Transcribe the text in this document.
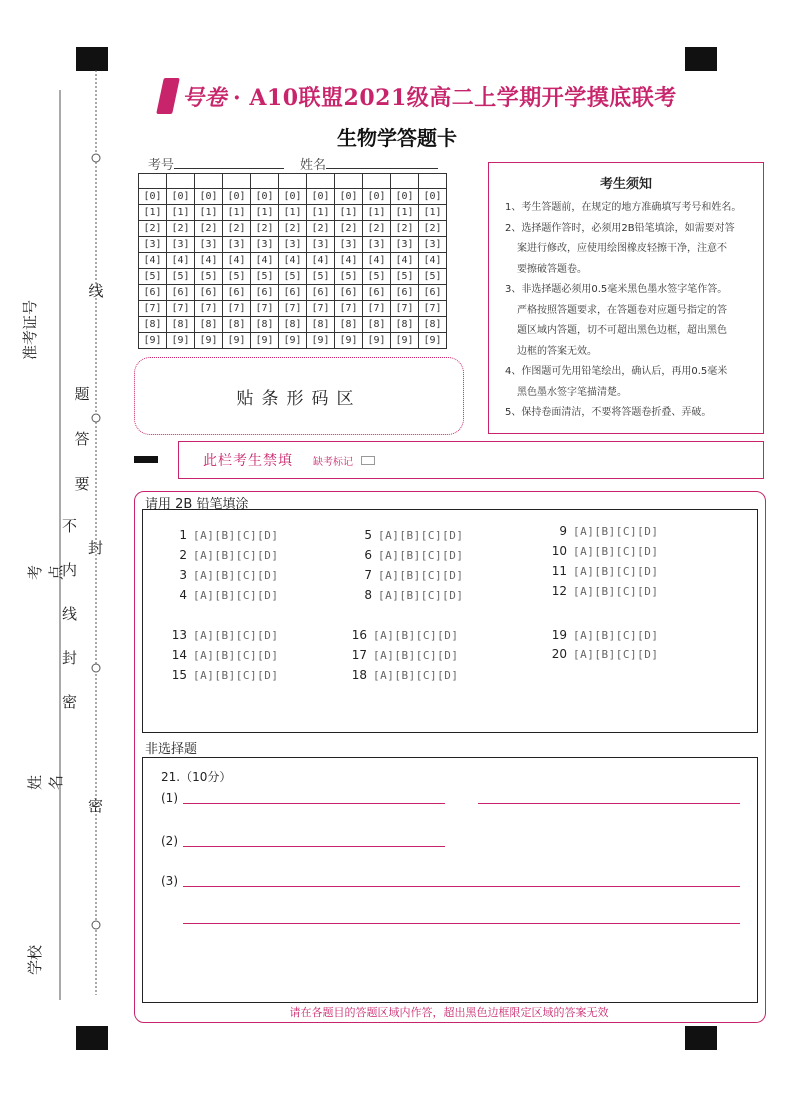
准考证号
考点
姓名
学校
线
题
答
要
不
内
线
封
密
封
密
号卷 · A10联盟2021级高二上学期开学摸底联考
生物学答题卡
考号	姓名

[0]	[0]	[0]	[0]	[0]	[0]	[0]	[0]	[0]	[0]	[0]
[1]	[1]	[1]	[1]	[1]	[1]	[1]	[1]	[1]	[1]	[1]
[2]	[2]	[2]	[2]	[2]	[2]	[2]	[2]	[2]	[2]	[2]
[3]	[3]	[3]	[3]	[3]	[3]	[3]	[3]	[3]	[3]	[3]
[4]	[4]	[4]	[4]	[4]	[4]	[4]	[4]	[4]	[4]	[4]
[5]	[5]	[5]	[5]	[5]	[5]	[5]	[5]	[5]	[5]	[5]
[6]	[6]	[6]	[6]	[6]	[6]	[6]	[6]	[6]	[6]	[6]
[7]	[7]	[7]	[7]	[7]	[7]	[7]	[7]	[7]	[7]	[7]
[8]	[8]	[8]	[8]	[8]	[8]	[8]	[8]	[8]	[8]	[8]
[9]	[9]	[9]	[9]	[9]	[9]	[9]	[9]	[9]	[9]	[9]
贴条形码区
考生须知
1、考生答题前，在规定的地方准确填写考号和姓名。
2、选择题作答时，必须用2B铅笔填涂，如需要对答
案进行修改，应使用绘图橡皮轻擦干净，注意不
要擦破答题卷。
3、非选择题必须用0.5毫米黑色墨水签字笔作答。
严格按照答题要求，在答题卷对应题号指定的答
题区域内答题，切不可超出黑色边框，超出黑色
边框的答案无效。
4、作图题可先用铅笔绘出，确认后，再用0.5毫米
黑色墨水签字笔描清楚。
5、保持卷面清洁，不要将答题卷折叠、弄破。
此栏考生禁填 缺考标记
请用 2B 铅笔填涂
1 [A][B][C][D]
2 [A][B][C][D]
3 [A][B][C][D]
4 [A][B][C][D]
5 [A][B][C][D]
6 [A][B][C][D]
7 [A][B][C][D]
8 [A][B][C][D]
9 [A][B][C][D]
10 [A][B][C][D]
11 [A][B][C][D]
12 [A][B][C][D]
13 [A][B][C][D]
14 [A][B][C][D]
15 [A][B][C][D]
16 [A][B][C][D]
17 [A][B][C][D]
18 [A][B][C][D]
19 [A][B][C][D]
20 [A][B][C][D]
非选择题
21.（10分）
(1)
(2)
(3)
请在各题目的答题区域内作答，超出黑色边框限定区域的答案无效
